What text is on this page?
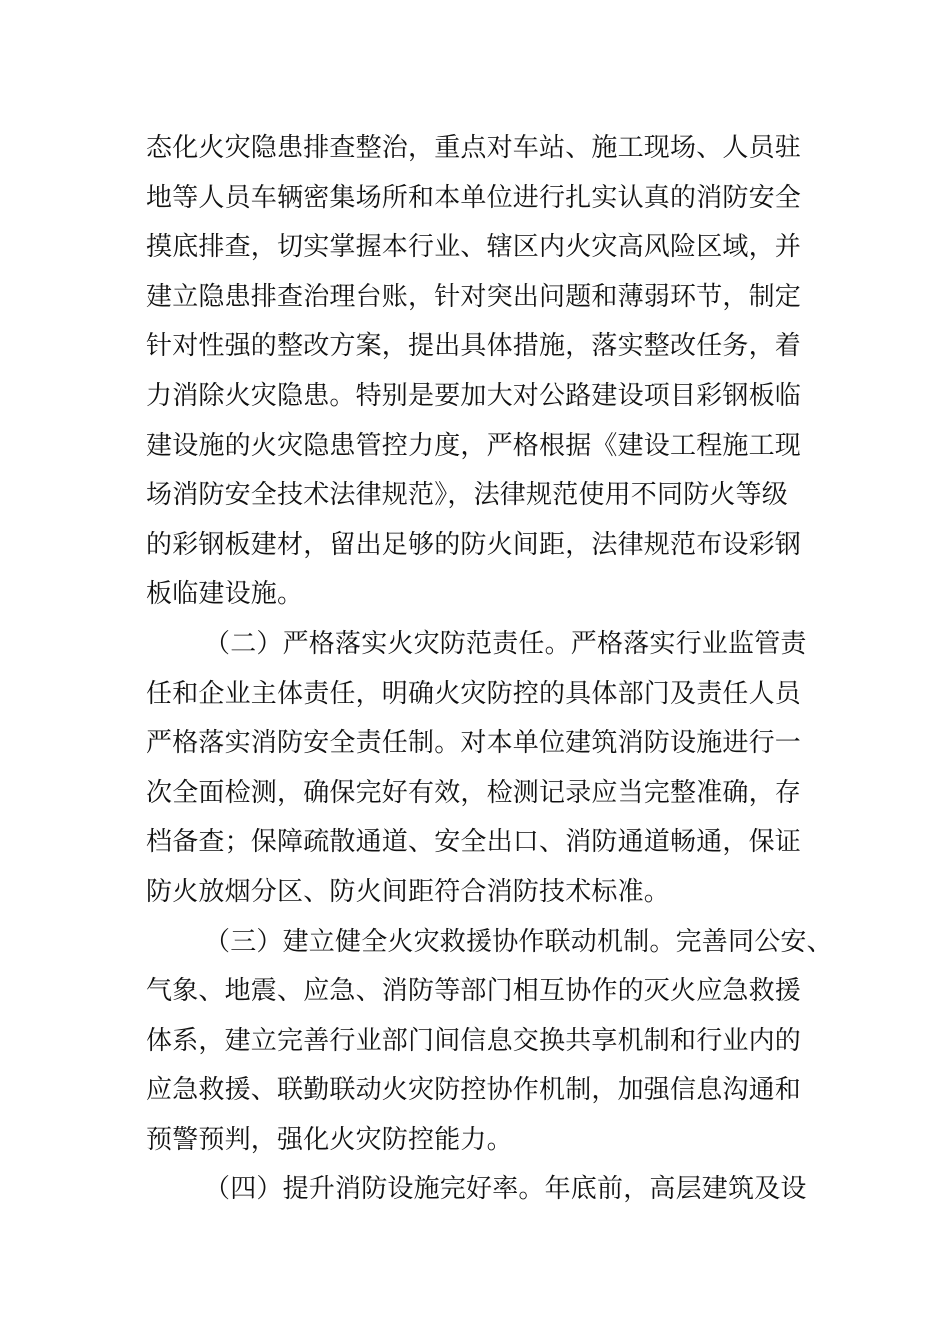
态化火灾隐患排查整治，重点对车站、施工现场、人员驻
地等人员车辆密集场所和本单位进行扎实认真的消防安全
摸底排查，切实掌握本行业、辖区内火灾高风险区域，并
建立隐患排查治理台账，针对突出问题和薄弱环节，制定
针对性强的整改方案，提出具体措施，落实整改任务，着
力消除火灾隐患。特别是要加大对公路建设项目彩钢板临
建设施的火灾隐患管控力度，严格根据《建设工程施工现
场消防安全技术法律规范》，法律规范使用不同防火等级
的彩钢板建材，留出足够的防火间距，法律规范布设彩钢
板临建设施。
（二）严格落实火灾防范责任。严格落实行业监管责
任和企业主体责任，明确火灾防控的具体部门及责任人员
严格落实消防安全责任制。对本单位建筑消防设施进行一
次全面检测，确保完好有效，检测记录应当完整准确，存
档备查；保障疏散通道、安全出口、消防通道畅通，保证
防火放烟分区、防火间距符合消防技术标准。
（三）建立健全火灾救援协作联动机制。完善同公安、
气象、地震、应急、消防等部门相互协作的灭火应急救援
体系，建立完善行业部门间信息交换共享机制和行业内的
应急救援、联勤联动火灾防控协作机制，加强信息沟通和
预警预判，强化火灾防控能力。
（四）提升消防设施完好率。年底前，高层建筑及设
